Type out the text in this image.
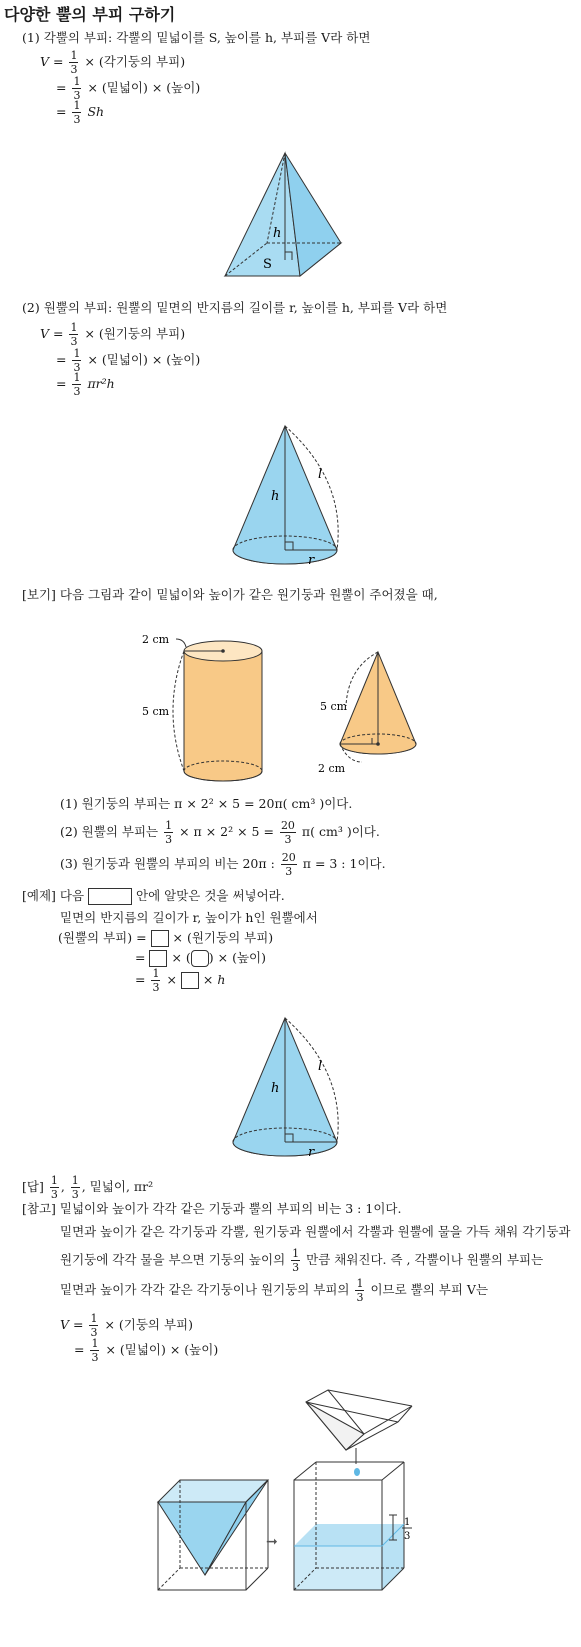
다양한 뿔의 부피 구하기
(1) 각뿔의 부피: 각뿔의 밑넓이를 S, 높이를 h, 부피를 V라 하면
$V = \frac{1}{3}$ × (각기둥의 부피)
= $\frac{1}{3}$ × (밑넓이) × (높이)
= $\frac{1}{3}$ Sh
h
S
(2) 원뿔의 부피: 원뿔의 밑면의 반지름의 길이를 r, 높이를 h, 부피를 V라 하면
$V = \frac{1}{3}$ × (원기둥의 부피)
= $\frac{1}{3}$ × (밑넓이) × (높이)
= $\frac{1}{3} \pi r^2h$
h
l
r
[보기] 다음 그림과 같이 밑넓이와 높이가 같은 원기둥과 원뿔이 주어졌을 때,
2 cm
5 cm	5 cm
2 cm
(1) 원기둥의 부피는 π × 2² × 5 = 20π( cm³ )이다.
(2) 원뿔의 부피는 $\frac{1}{3} \times \pi \times 2^2 \times 5 = \frac{20}{3} \pi$( cm³ )이다.
(3) 원기둥과 원뿔의 부피의 비는 20π : $\frac{20}{3}$ π = 3 : 1이다.
[예제] 다음	안에 알맞은 것을 써넣어라.
밑면의 반지름의 길이가 r, 높이가 h인 원뿔에서
(원뿔의 부피) = × (원기둥의 부피)
= × ( ) × (높이)
= $\frac{1}{3}$ × × h
h
l
r
[답] $\frac{1}{3}$ , $\frac{1}{3}$ , 밑넓이, πr²
[참고] 밑넓이와 높이가 각각 같은 기둥과 뿔의 부피의 비는 3 : 1이다.
밑면과 높이가 같은 각기둥과 각뿔, 원기둥과 원뿔에서 각뿔과 원뿔에 물을 가득 채워 각기둥과
원기둥에 각각 물을 부으면 기둥의 높이의 $\frac{1}{3}$ 만큼 채워진다. 즉 , 각뿔이나 원뿔의 부피는
밑면과 높이가 각각 같은 각기둥이나 원기둥의 부피의 $\frac{1}{3}$ 이므로 뿔의 부피 V는
$V = \frac{1}{3}$ × (기둥의 부피)
= $\frac{1}{3}$ × (밑넓이) × (높이)
➞
1
3
